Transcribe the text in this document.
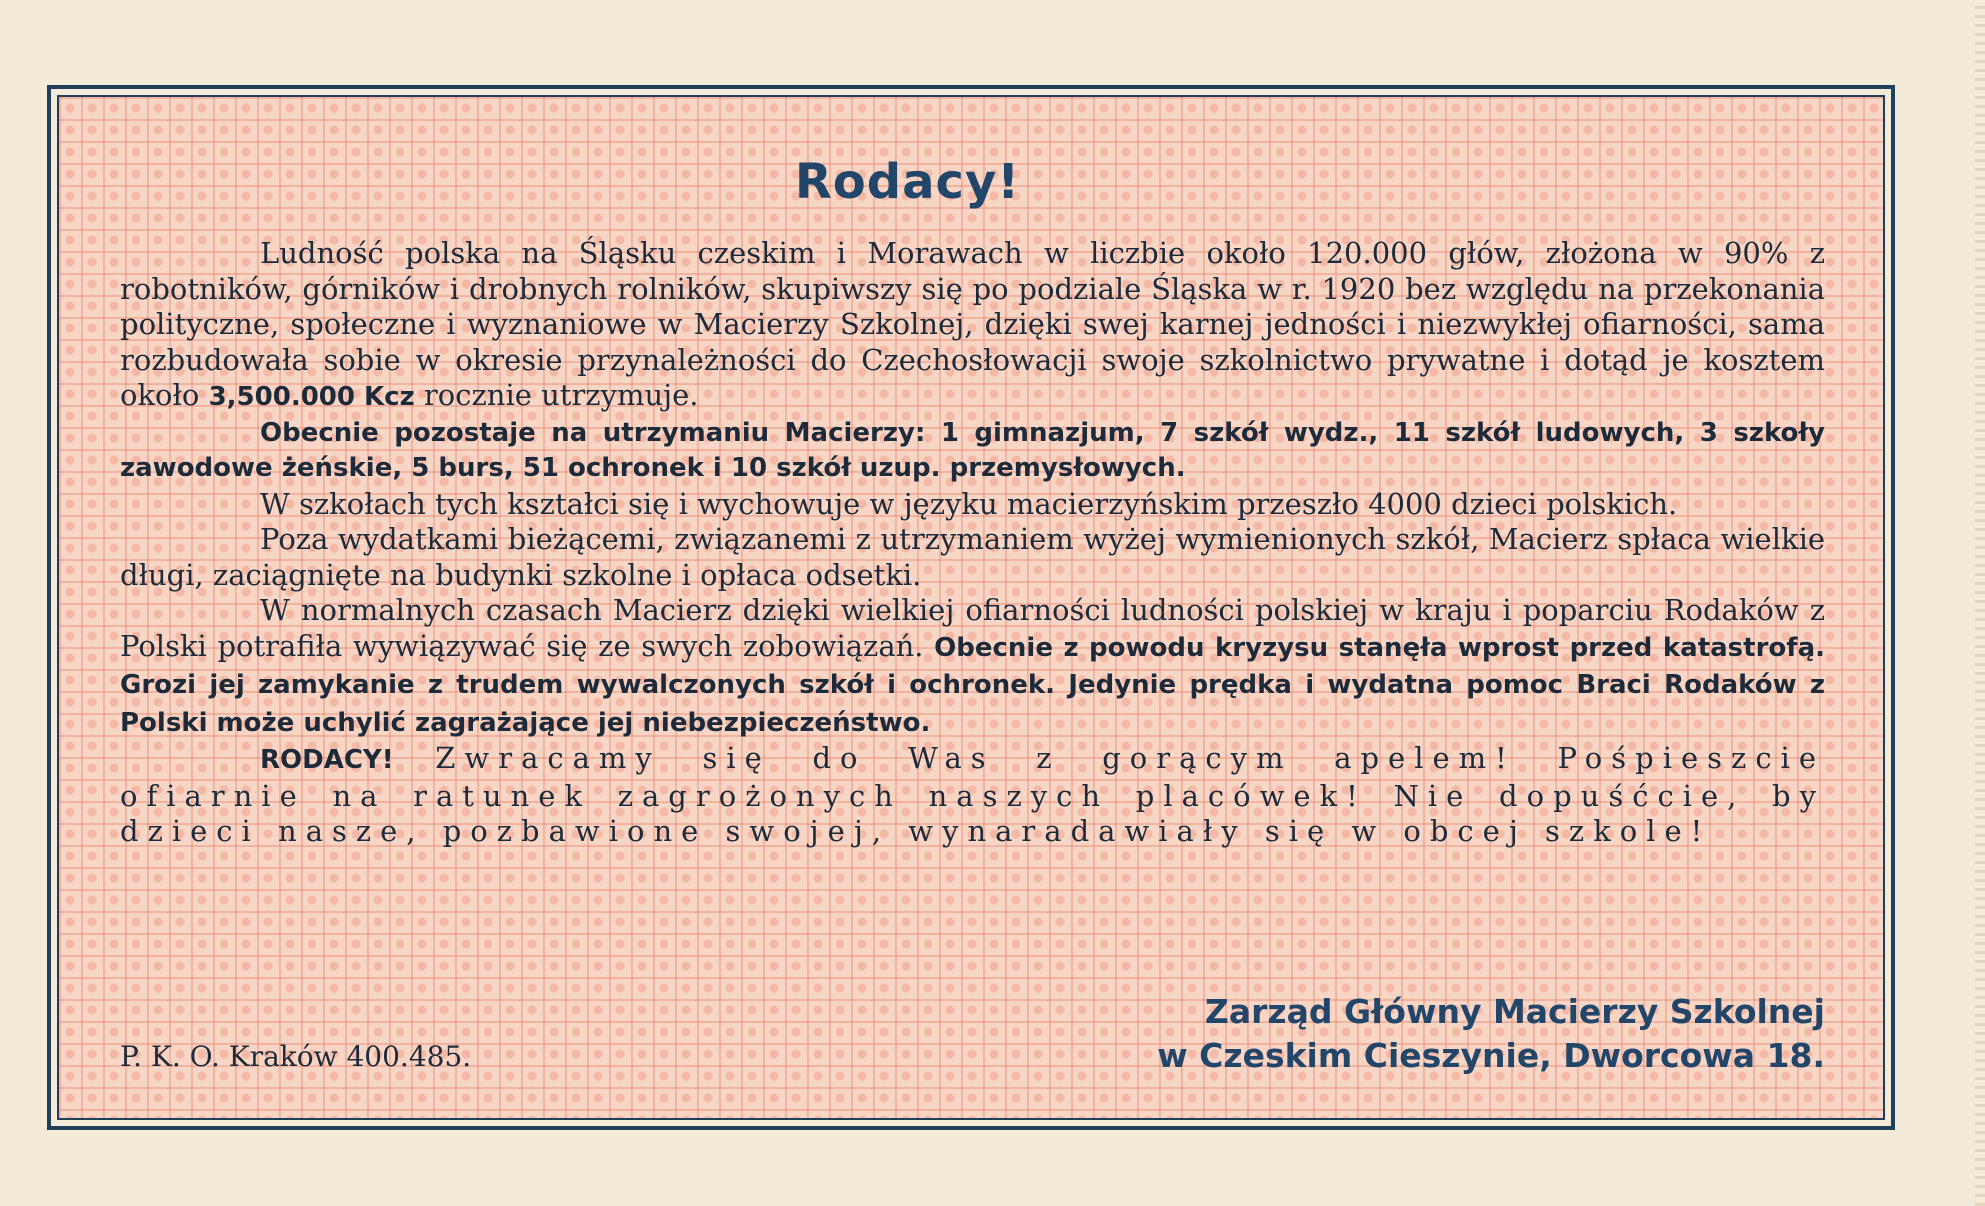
Rodacy!

Ludność polska na Śląsku czeskim i Morawach w liczbie około 120.000 głów, złożona w 90% z robotników, górników i drobnych rolników, skupiwszy się po podziale Śląska w r. 1920 bez względu na przekonania polityczne, społeczne i wyznaniowe w Macierzy Szkolnej, dzięki swej karnej jedności i niezwykłej ofiarności, sama rozbudowała sobie w okresie przynależności do Czechosłowacji swoje szkolnictwo prywatne i dotąd je kosztem około 3,500.000 Kcz rocznie utrzymuje.

Obecnie pozostaje na utrzymaniu Macierzy: 1 gimnazjum, 7 szkół wydz., 11 szkół ludowych, 3 szkoły zawodowe żeńskie, 5 burs, 51 ochronek i 10 szkół uzup. przemysłowych.

W szkołach tych kształci się i wychowuje w języku macierzyńskim przeszło 4000 dzieci polskich.

Poza wydatkami bieżącemi, związanemi z utrzymaniem wyżej wymienionych szkół, Macierz spłaca wielkie długi, zaciągnięte na budynki szkolne i opłaca odsetki.

W normalnych czasach Macierz dzięki wielkiej ofiarności ludności polskiej w kraju i poparciu Rodaków z Polski potrafiła wywiązywać się ze swych zobowiązań. Obecnie z powodu kryzysu stanęła wprost przed katastrofą. Grozi jej zamykanie z trudem wywalczonych szkół i ochronek. Jedynie prędka i wydatna pomoc Braci Rodaków z Polski może uchylić zagrażające jej niebezpieczeństwo.

RODACY! Zwracamy się do Was z gorącym apelem! Pośpieszcie ofiarnie na ratunek zagrożonych naszych placówek! Nie dopuśćcie, by dzieci nasze, pozbawione swojej, wynaradawiały się w obcej szkole!

P. K. O. Kraków 400.485.
Zarząd Główny Macierzy Szkolnej
w Czeskim Cieszynie, Dworcowa 18.
